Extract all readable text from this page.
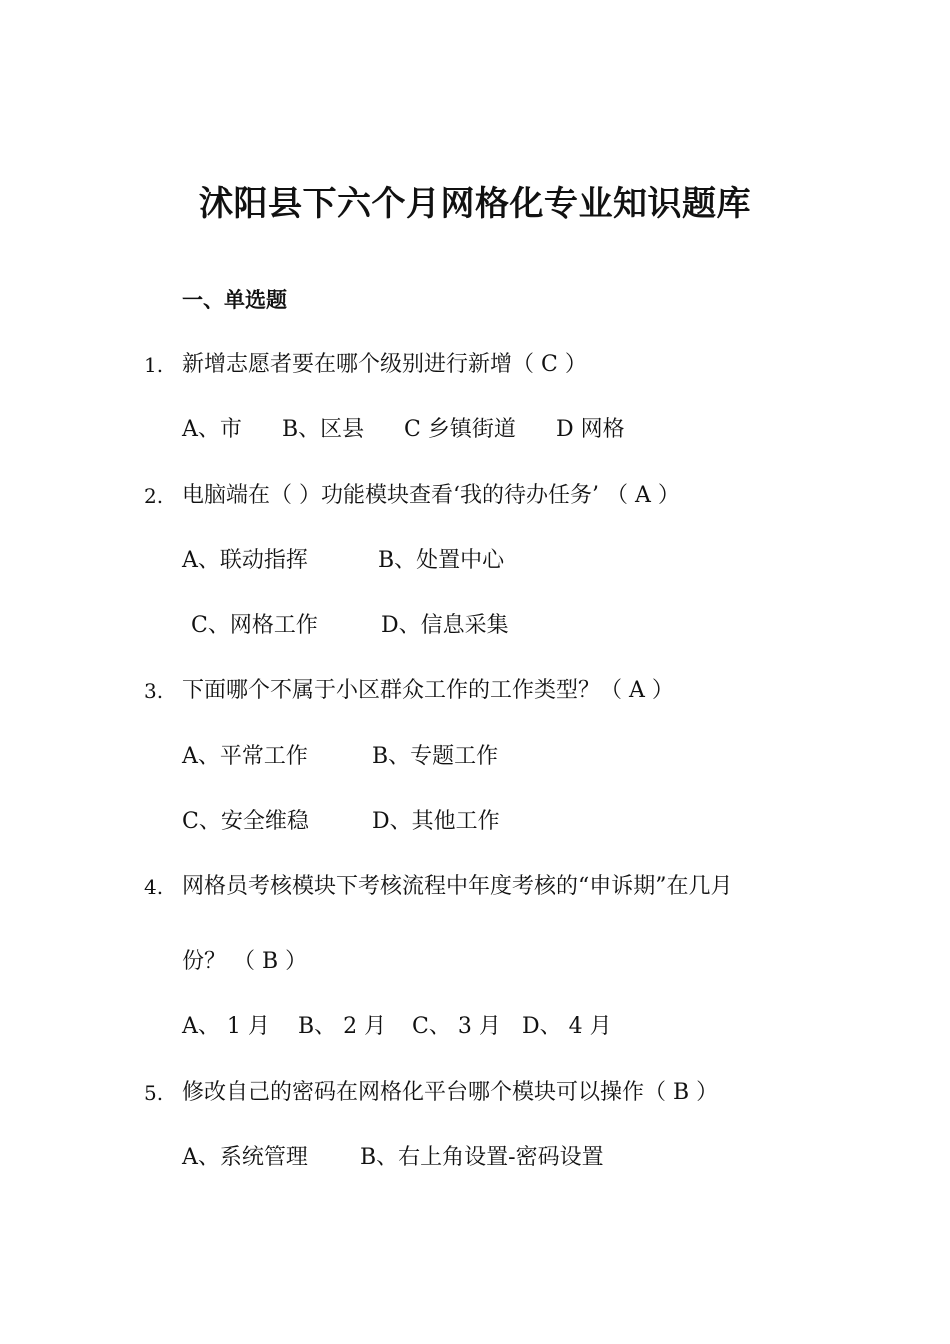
沭阳县下六个月网格化专业知识题库
一、单选题
1. 新增志愿者要在哪个级别进行新增（ C ）
A、市 B、区县 C 乡镇街道 D 网格
2. 电脑端在（ ）功能模块查看‘我的待办任务’ （ A ）
A、联动指挥	B、处置中心
C、网格工作	D、信息采集
3. 下面哪个不属于小区群众工作的工作类型？（ A ）
A、平常工作	B、专题工作
C、安全维稳	D、其他工作
4. 网格员考核模块下考核流程中年度考核的“申诉期”在几月
份？ （ B ）
A、 1 月 B、 2 月 C、 3 月 D、 4 月
5. 修改自己的密码在网格化平台哪个模块可以操作（ B ）
A、系统管理 B、右上角设置-密码设置
